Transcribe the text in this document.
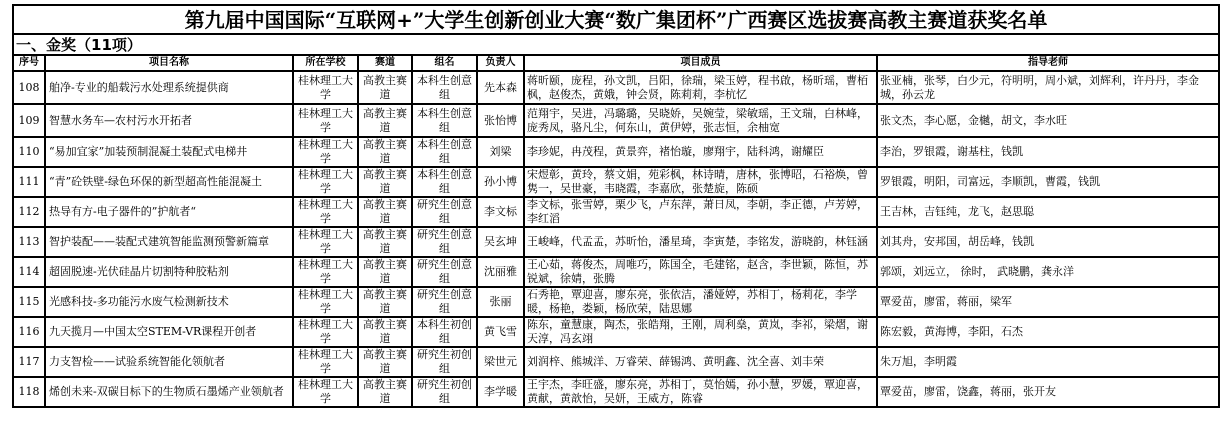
第九届中国国际“互联网+”大学生创新创业大赛“数广集团杯”广西赛区选拔赛高教主赛道获奖名单							
一、金奖（11项）							
序号	项目名称	所在学校	赛道	组名	负责人	项目成员	指导老师
108	舶净-专业的船载污水处理系统提供商	桂林理工大学	高教主赛道	本科生创意组	先本森	蒋昕颐，庞程，孙文凯，吕阳，徐瑞，梁玉婷，程书啟，杨昕瑶，曹栢枫，赵俊杰，黄娥，钟会贤，陈莉莉，李杭忆	张亚楠，张琴，白少元，符明明，周小斌，刘辉利，许丹丹，李金城，孙云龙
109	智慧水务车—农村污水开拓者	桂林理工大学	高教主赛道	本科生创意组	张怡博	范翔宇，吴进，冯璐璐，吴晓娇，吴婉莹，梁敏瑶，王文瑞，白林峰，庞秀凤，骆凡尘，何东山，黄伊婷，张志恒，余柚宽	张文杰，李心愿，金樾，胡文，李水旺
110	“易加宜家”加装预制混凝土装配式电梯井	桂林理工大学	高教主赛道	本科生创意组	刘梁	李珍妮，冉茂程，黄景弈，褚怡璇，廖翔宇，陆科鸿，谢耀臣	李治，罗银霞，谢基柱，钱凯
111	“青”砼铁壁-绿色环保的新型超高性能混凝土	桂林理工大学	高教主赛道	本科生创意组	孙小博	宋煜彰，黄玲，蔡文娟，苑彩枫，林诗晴，唐林，张博昭，石裕焕，曾隽一，吴世豪，韦晓霞，李嘉欣，张楚旋，陈硕	罗银霞，明阳，司富远，李顺凯，曹霞，钱凯
112	热导有方-电子器件的”护航者“	桂林理工大学	高教主赛道	研究生创意组	李文标	李文标，张雪婷，栗少飞，卢东萍，萧日凤，李朝，李正德，卢芳婷，李红滔	王吉林，吉钰纯，龙飞，赵思聪
113	智护装配——装配式建筑智能监测预警新篇章	桂林理工大学	高教主赛道	研究生创意组	吴玄坤	王峻峰，代孟孟，苏昕怡，潘星琦，李寅楚，李铭发，游晓韵，林钰涵	刘其舟，安邦国，胡岳峰，钱凯
114	超固脱速-光伏硅晶片切割特种胶粘剂	桂林理工大学	高教主赛道	研究生创意组	沈丽雅	王心茹，蒋俊杰，周唯巧，陈国全，毛建铭，赵含，李世颖，陈恒，苏锐斌，徐婧，张腾	郭颂，刘远立， 徐时， 武晓鹏，龚永洋
115	光感科技-多功能污水废气检测新技术	桂林理工大学	高教主赛道	研究生创意组	张丽	石秀艳，覃迎喜，廖东亮，张依洁，潘娅婷，苏相丁，杨莉花，李学暖，杨艳，娄颖，杨欣荣，陆思娜	覃爱苗，廖雷，蒋丽，梁军
116	九天揽月—中国太空STEM-VR课程开创者	桂林理工大学	高教主赛道	本科生初创组	黄飞雪	陈东，童慧康，陶杰，张皓翔，王刚，周利燊，黄岚，李祁，梁熠，谢天淳，冯玄翊	陈宏毅，黄海博，李阳，石杰
117	力支智检——试验系统智能化领航者	桂林理工大学	高教主赛道	研究生初创组	梁世元	刘润梓、熊城洋、万睿荣、薛锡鸿、黄明鑫、沈全喜、刘丰荣	朱万旭，李明霞
118	烯创未来-双碳目标下的生物质石墨烯产业领航者	桂林理工大学	高教主赛道	研究生初创组	李学暖	王宇杰，李旺盛，廖东亮，苏相丁，莫怡嫣，孙小慧，罗媛，覃迎喜，黄献，黄歆怡，吴妍，王威方，陈睿	覃爱苗，廖雷，饶鑫，蒋丽，张开友
